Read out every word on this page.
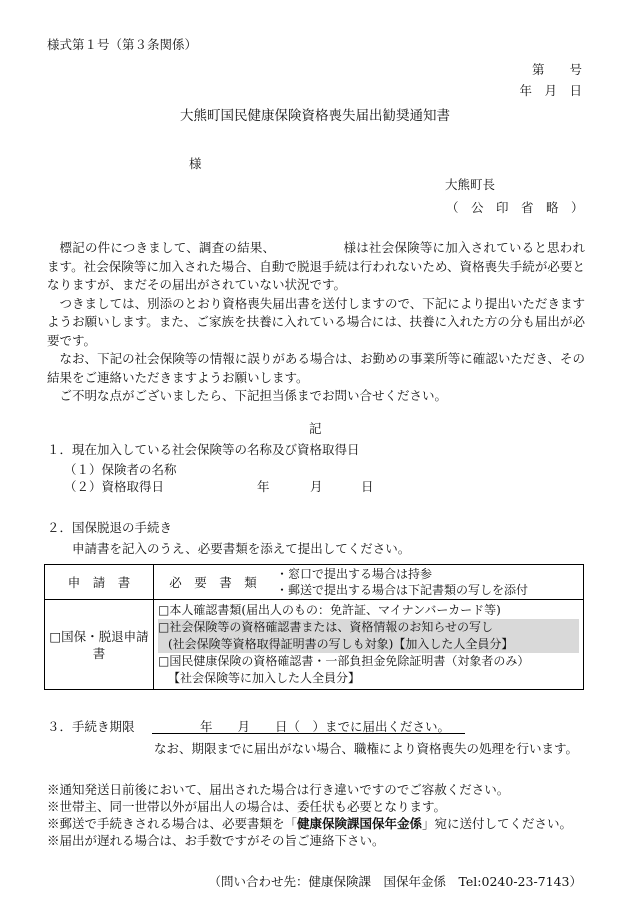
様式第１号（第３条関係）
第　　号
年　月　日
大熊町国民健康保険資格喪失届出勧奨通知書
様
大熊町長
（　公　印　省　略　）

標記の件につきまして、調査の結果、	様は社会保険等に加入されていると思われます。社会保険等に加入された場合、自動で脱退手続は行われないため、資格喪失手続が必要となりますが、まだその届出がされていない状況です。

つきましては、別添のとおり資格喪失届出書を送付しますので、下記により提出いただきますようお願いします。また、ご家族を扶養に入れている場合には、扶養に入れた方の分も届出が必要です。

なお、下記の社会保険等の情報に誤りがある場合は、お勤めの事業所等に確認いただき、その結果をご連絡いただきますようお願いします。

ご不明な点がございましたら、下記担当係までお問い合せください。

記
１．現在加入している社会保険等の名称及び資格取得日
（１）保険者の名称
（２）資格取得日	年	月	日
２．国保脱退の手続き
申請書を記入のうえ、必要書類を添えて提出してください。
申　請　書	必　要　書　類	・窓口で提出する場合は持参
・郵送で提出する場合は下記書類の写しを添付

□国保・脱退申請書	□本人確認書類(届出人のもの：免許証、マイナンバーカード等)
□社会保険等の資格確認書または、資格情報のお知らせの写し
(社会保険等資格取得証明書の写しも対象)【加入した人全員分】
□国民健康保険の資格確認書・一部負担金免除証明書（対象者のみ）
【社会保険等に加入した人全員分】	
３．手続き期限	年　　月　　日（　）までに届出ください。
なお、期限までに届出がない場合、職権により資格喪失の処理を行います。
※通知発送日前後において、届出された場合は行き違いですのでご容赦ください。
※世帯主、同一世帯以外が届出人の場合は、委任状も必要となります。
※郵送で手続きされる場合は、必要書類を「健康保険課国保年金係」宛に送付してください。
※届出が遅れる場合は、お手数ですがその旨ご連絡下さい。
（問い合わせ先：健康保険課　国保年金係　Tel:0240-23-7143）
